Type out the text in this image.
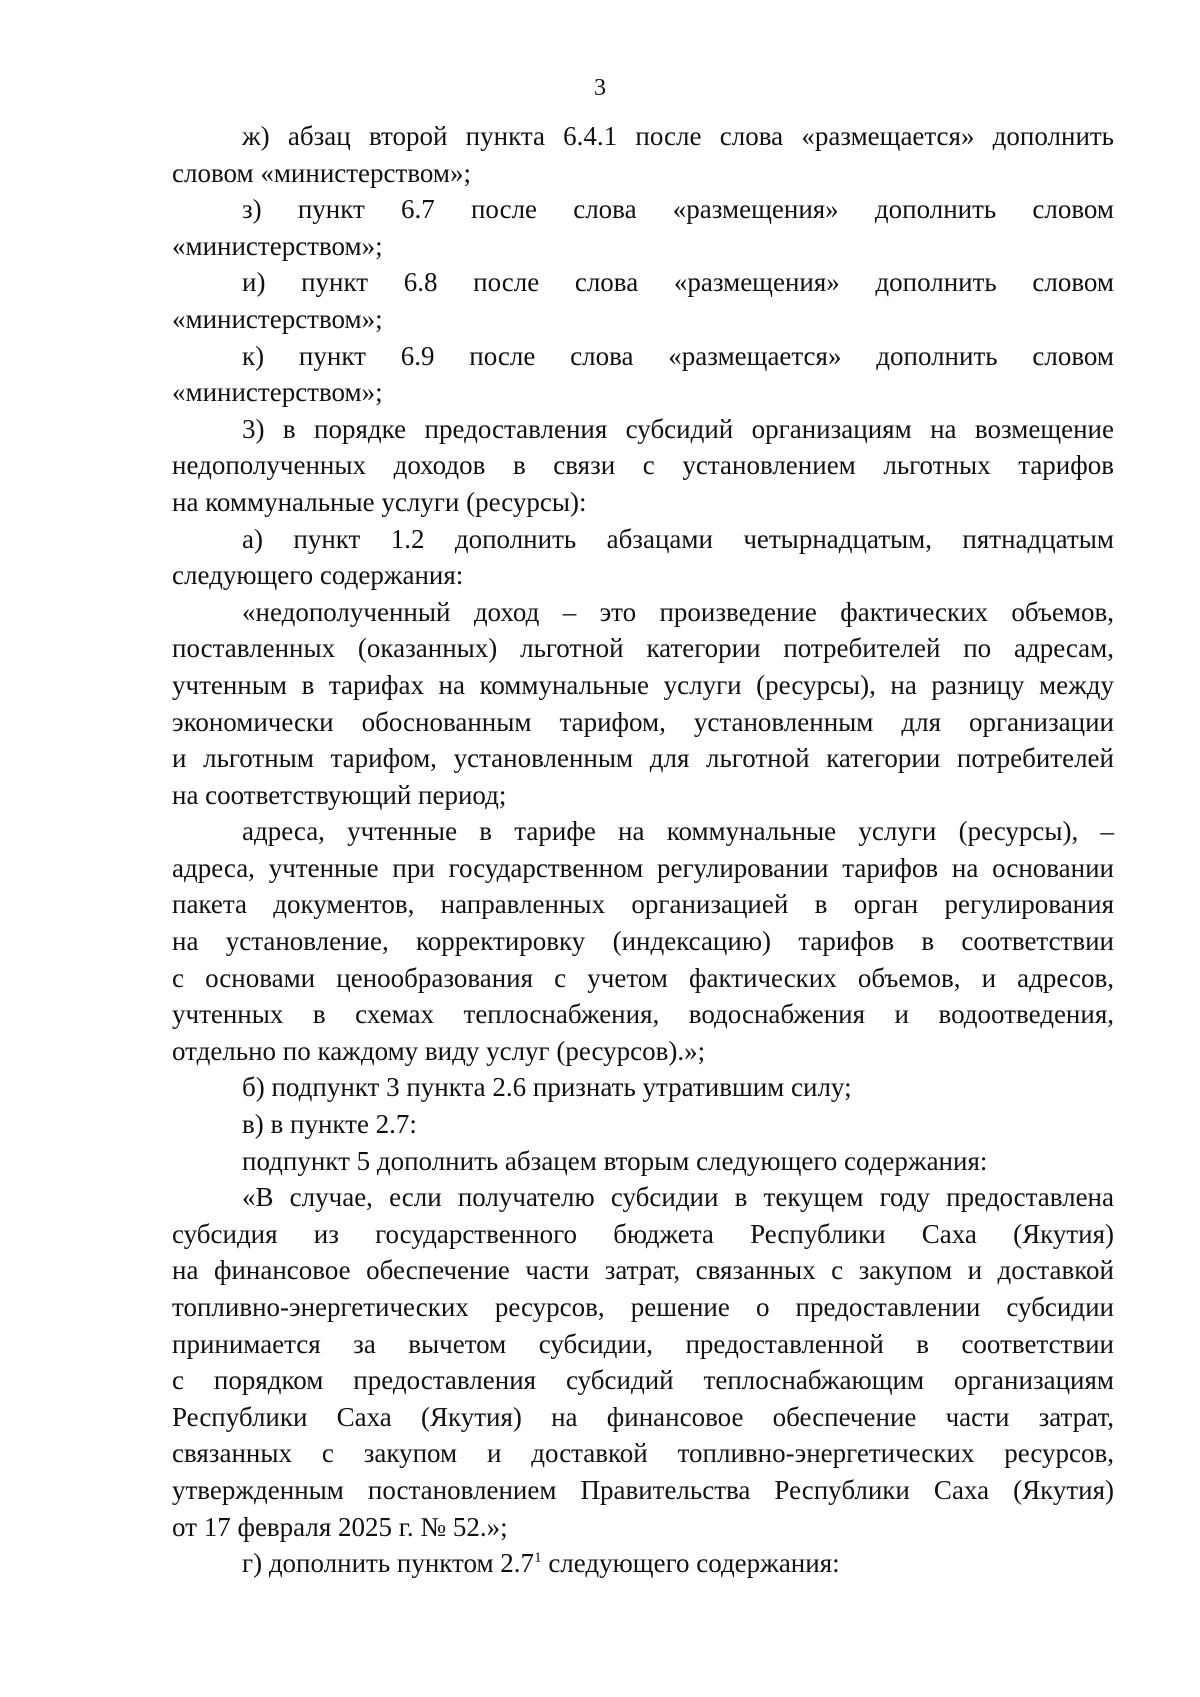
3
ж) абзац второй пункта 6.4.1 после слова «размещается» дополнить
словом «министерством»;
з) пункт 6.7 после слова «размещения» дополнить словом
«министерством»;
и) пункт 6.8 после слова «размещения» дополнить словом
«министерством»;
к) пункт 6.9 после слова «размещается» дополнить словом
«министерством»;
3) в порядке предоставления субсидий организациям на возмещение
недополученных доходов в связи с установлением льготных тарифов
на коммунальные услуги (ресурсы):
а) пункт 1.2 дополнить абзацами четырнадцатым, пятнадцатым
следующего содержания:
«недополученный доход – это произведение фактических объемов,
поставленных (оказанных) льготной категории потребителей по адресам,
учтенным в тарифах на коммунальные услуги (ресурсы), на разницу между
экономически обоснованным тарифом, установленным для организации
и льготным тарифом, установленным для льготной категории потребителей
на соответствующий период;
адреса, учтенные в тарифе на коммунальные услуги (ресурсы), –
адреса, учтенные при государственном регулировании тарифов на основании
пакета документов, направленных организацией в орган регулирования
на установление, корректировку (индексацию) тарифов в соответствии
с основами ценообразования с учетом фактических объемов, и адресов,
учтенных в схемах теплоснабжения, водоснабжения и водоотведения,
отдельно по каждому виду услуг (ресурсов).»;
б) подпункт 3 пункта 2.6 признать утратившим силу;
в) в пункте 2.7:
подпункт 5 дополнить абзацем вторым следующего содержания:
«В случае, если получателю субсидии в текущем году предоставлена
субсидия из государственного бюджета Республики Саха (Якутия)
на финансовое обеспечение части затрат, связанных с закупом и доставкой
топливно-энергетических ресурсов, решение о предоставлении субсидии
принимается за вычетом субсидии, предоставленной в соответствии
с порядком предоставления субсидий теплоснабжающим организациям
Республики Саха (Якутия) на финансовое обеспечение части затрат,
связанных с закупом и доставкой топливно-энергетических ресурсов,
утвержденным постановлением Правительства Республики Саха (Якутия)
от 17 февраля 2025 г. № 52.»;
г) дополнить пунктом $2.7^1$ следующего содержания:
